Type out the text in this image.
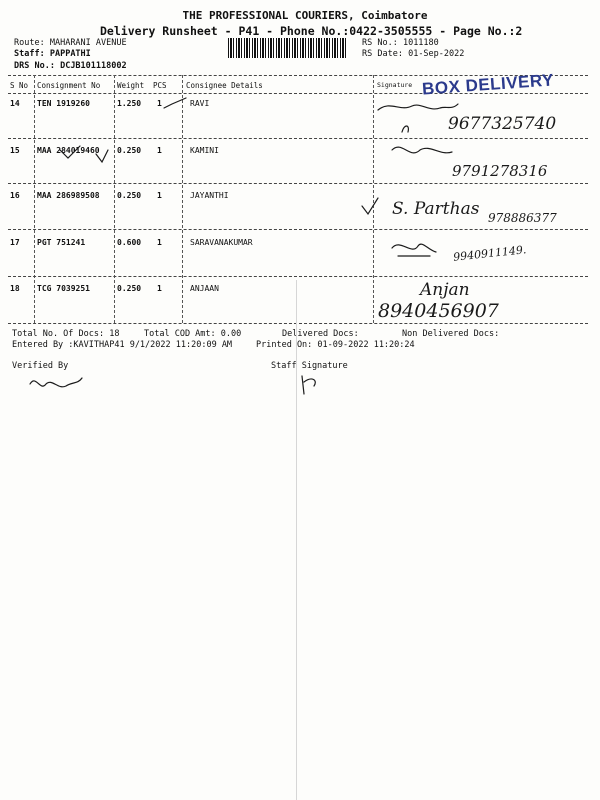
THE PROFESSIONAL COURIERS, Coimbatore
Delivery Runsheet - P41 - Phone No.:0422-3505555 - Page No.:2
Route: MAHARANI AVENUE
Staff: PAPPATHI
DRS No.: DCJB101118002
RS No.: 1011180
RS Date: 01-Sep-2022
S No Consignment No Weight PCS	Consignee Details	Signature BOX DELIVERY
14 TEN 1919260	1.250 1	RAVI
9677325740
15 MAA 284019460 0.250 1	KAMINI
9791278316
16 MAA 286989508 0.250 1	JAYANTHI
S. Parthas 978886377
17 PGT 751241	0.600 1	SARAVANAKUMAR
9940911149.
18 TCG 7039251	0.250 1	ANJAAN	Anjan
8940456907
Total No. Of Docs: 18	Total COD Amt: 0.00	Delivered Docs:	Non Delivered Docs:
Entered By :KAVITHAP41 9/1/2022 11:20:09 AM	Printed On: 01-09-2022 11:20:24
Verified By	Staff Signature
